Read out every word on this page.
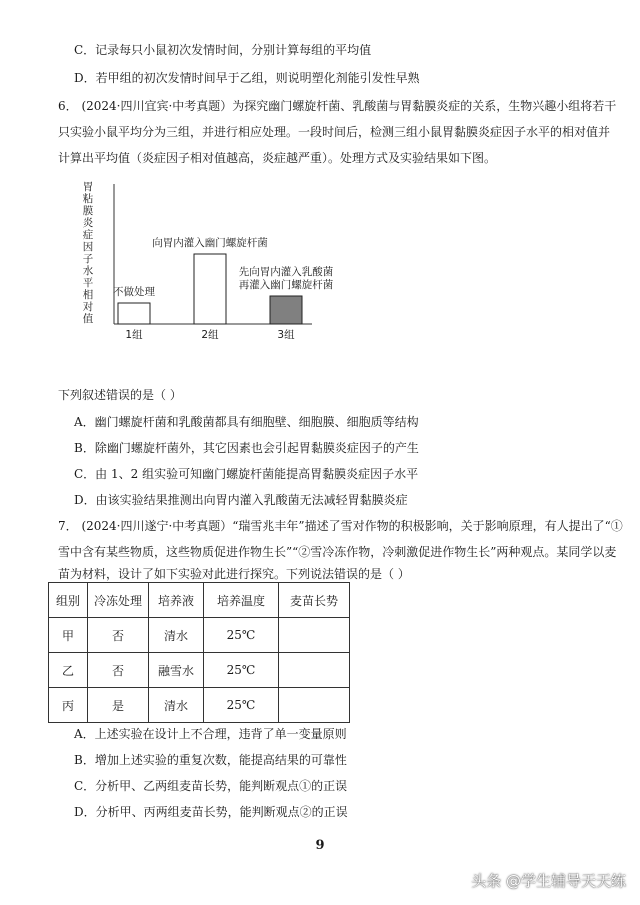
C．记录每只小鼠初次发情时间，分别计算每组的平均值
D．若甲组的初次发情时间早于乙组，则说明塑化剂能引发性早熟
6． (2024·四川宜宾·中考真题）为探究幽门螺旋杆菌、乳酸菌与胃黏膜炎症的关系，生物兴趣小组将若干
只实验小鼠平均分为三组，并进行相应处理。一段时间后，检测三组小鼠胃黏膜炎症因子水平的相对值并
计算出平均值（炎症因子相对值越高，炎症越严重）。处理方式及实验结果如下图。
胃
粘
膜
炎
症
因
子
水
平
相
对
值
不做处理
向胃内灌入幽门螺旋杆菌
先向胃内灌入乳酸菌
再灌入幽门螺旋杆菌
1组	2组	3组
下列叙述错误的是（ ）
A．幽门螺旋杆菌和乳酸菌都具有细胞壁、细胞膜、细胞质等结构
B．除幽门螺旋杆菌外，其它因素也会引起胃黏膜炎症因子的产生
C．由 1、2 组实验可知幽门螺旋杆菌能提高胃黏膜炎症因子水平
D．由该实验结果推测出向胃内灌入乳酸菌无法减轻胃黏膜炎症
7． (2024·四川遂宁·中考真题）“瑞雪兆丰年”描述了雪对作物的积极影响，关于影响原理，有人提出了“①
雪中含有某些物质，这些物质促进作物生长”“②雪冷冻作物，冷刺激促进作物生长”两种观点。某同学以麦
苗为材料，设计了如下实验对此进行探究。下列说法错误的是（ ）
组别	冷冻处理	培养液	培养温度	麦苗长势
甲	否	清水	25℃	
乙	否	融雪水	25℃	
丙	是	清水	25℃	
A．上述实验在设计上不合理，违背了单一变量原则
B．增加上述实验的重复次数，能提高结果的可靠性
C．分析甲、乙两组麦苗长势，能判断观点①的正误
D．分析甲、丙两组麦苗长势，能判断观点②的正误
9
头条 @学生辅导天天练
